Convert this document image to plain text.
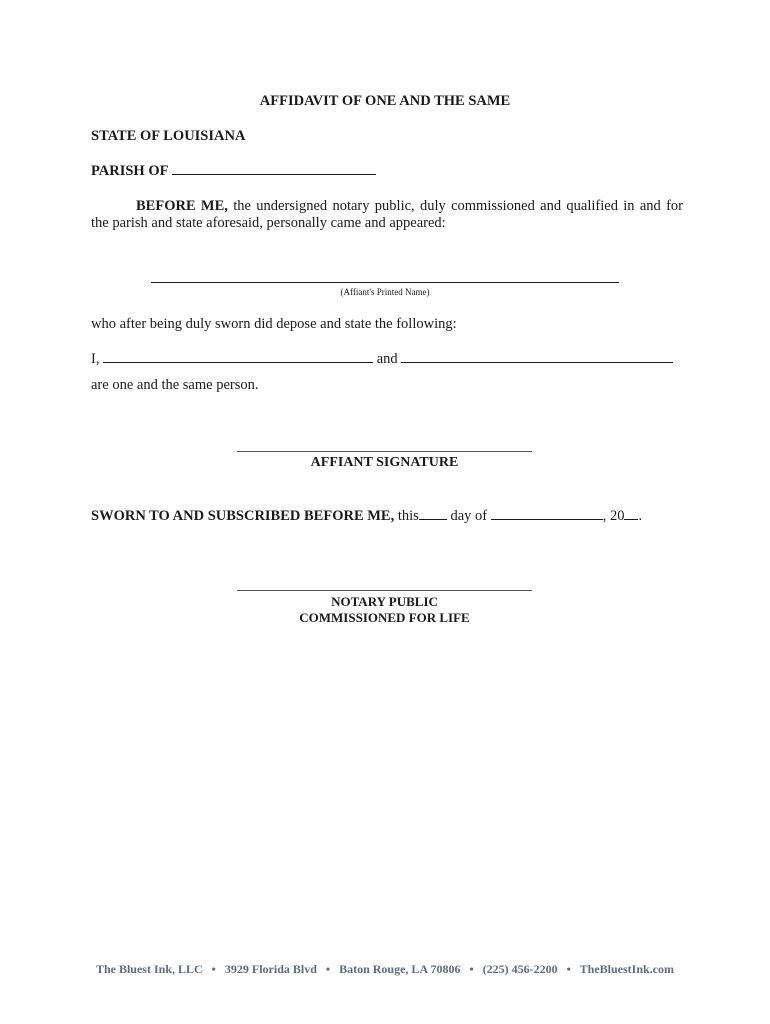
AFFIDAVIT OF ONE AND THE SAME
STATE OF LOUISIANA
PARISH OF
BEFORE ME, the undersigned notary public, duly commissioned and qualified in and for the parish and state aforesaid, personally came and appeared:
(Affiant's Printed Name)
who after being duly sworn did depose and state the following:
I,	and
are one and the same person.
AFFIANT SIGNATURE
SWORN TO AND SUBSCRIBED BEFORE ME, this day of	, 20 .
NOTARY PUBLIC
COMMISSIONED FOR LIFE
The Bluest Ink, LLC • 3929 Florida Blvd • Baton Rouge, LA 70806 • (225) 456-2200 • TheBluestInk.com
